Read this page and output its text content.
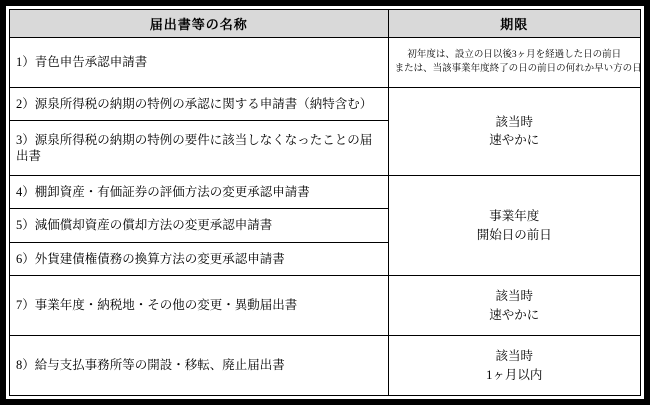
届出書等の名称	期限
1）青色申告承認申請書	初年度は、設立の日以後3ヶ月を経過した日の前日
または、当該事業年度終了の日の前日の何れか早い方の日

2）源泉所得税の納期の特例の承認に関する申請書（納特含む）	該当時
速やかに

3）源泉所得税の納期の特例の要件に該当しなくなったことの届出書	
4）棚卸資産・有価証券の評価方法の変更承認申請書	事業年度
開始日の前日

5）減価償却資産の償却方法の変更承認申請書	
6）外貨建債権債務の換算方法の変更承認申請書	
7）事業年度・納税地・その他の変更・異動届出書	該当時
速やかに

8）給与支払事務所等の開設・移転、廃止届出書	該当時
1ヶ月以内
